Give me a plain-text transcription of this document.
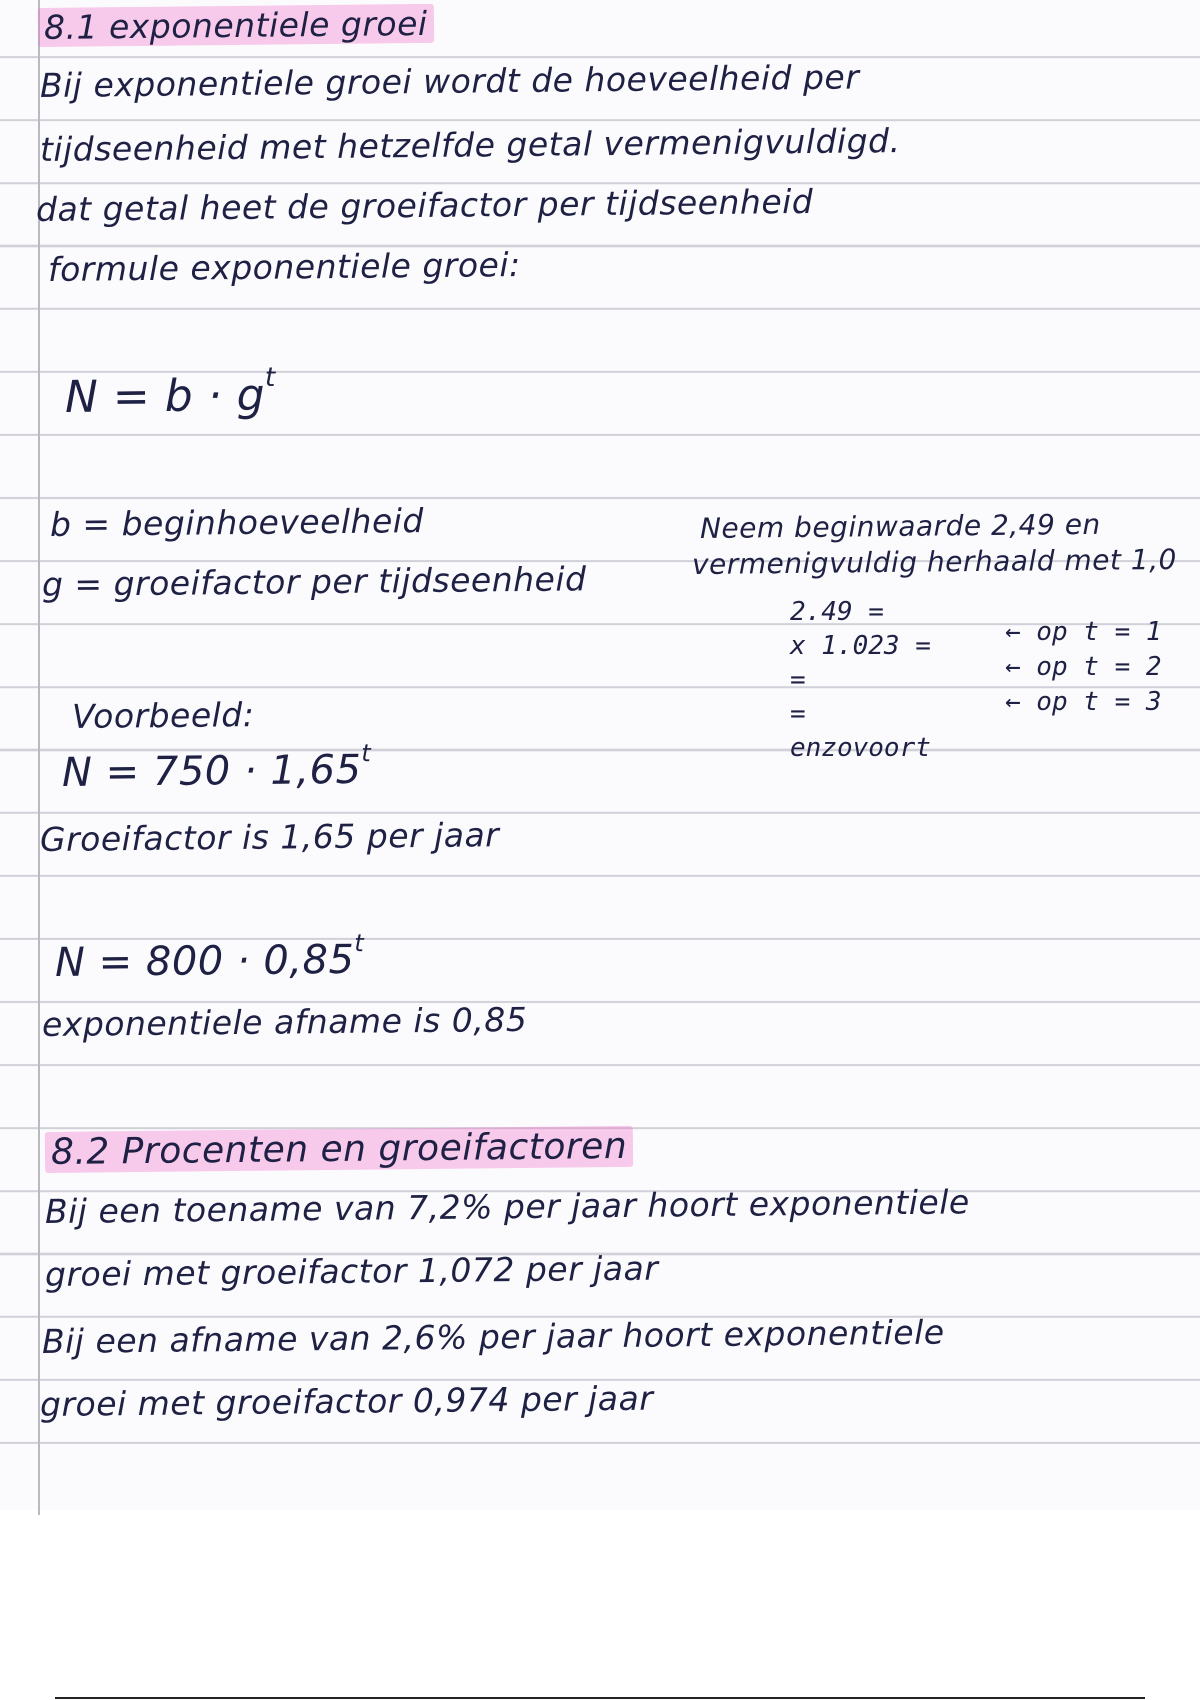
8.1 exponentiele groei

Bij exponentiele groei wordt de hoeveelheid per

tijdseenheid met hetzelfde getal vermenigvuldigd.

dat getal heet de groeifactor per tijdseenheid

formule exponentiele groei:

$N = b \cdot g^t$

b = beginhoeveelheid

g = groeifactor per tijdseenheid

Voorbeeld:

$N = 750 \cdot 1,65^t$

Groeifactor is 1,65 per jaar

$N = 800 \cdot 0,85^t$

exponentiele afname is 0,85

Neem beginwaarde 2,49 en

vermenigvuldig herhaald met 1,0

2.49 =
x 1.023 =
=
=
enzovoort
← op t = 1
← op t = 2
← op t = 3

8.2 Procenten en groeifactoren

Bij een toename van 7,2% per jaar hoort exponentiele

groei met groeifactor 1,072 per jaar

Bij een afname van 2,6% per jaar hoort exponentiele

groei met groeifactor 0,974 per jaar
